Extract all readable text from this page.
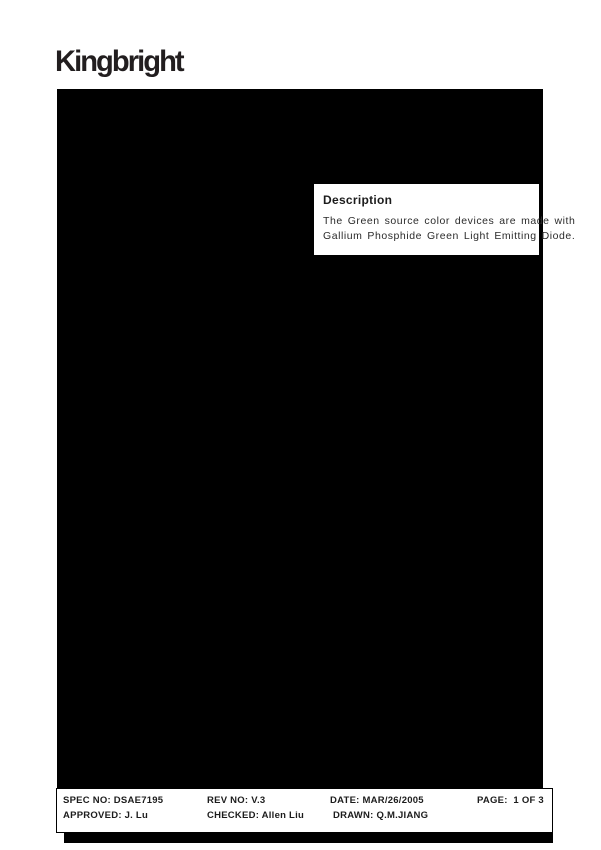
Kingbright
Description
The Green source color devices are made with
Gallium Phosphide Green Light Emitting Diode.
SPEC NO: DSAE7195	REV NO: V.3	DATE: MAR/26/2005	PAGE:  1 OF 3
APPROVED: J. Lu	CHECKED: Allen Liu	DRAWN: Q.M.JIANG
